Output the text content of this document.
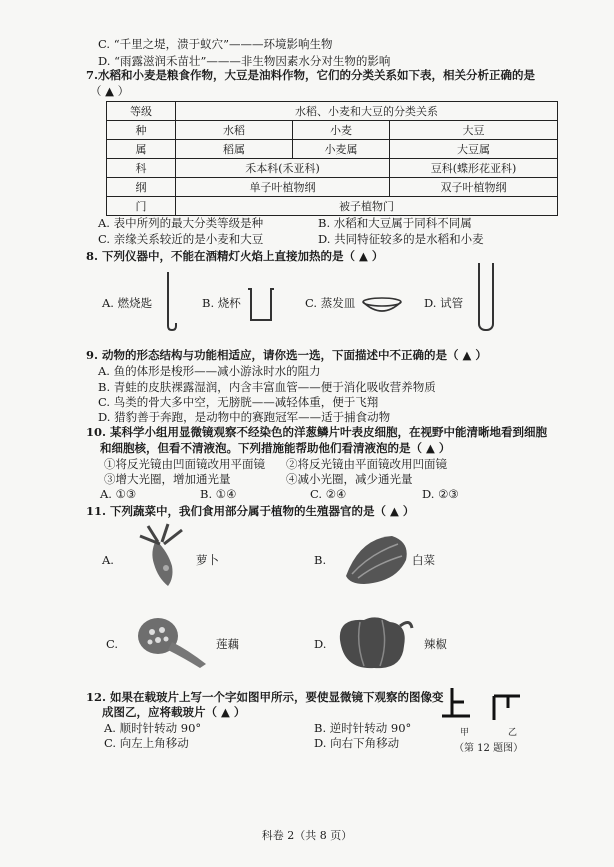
C. “千里之堤，溃于蚁穴”———环境影响生物
D. “雨露滋润禾苗壮”———非生物因素水分对生物的影响
7.水稻和小麦是粮食作物，大豆是油料作物，它们的分类关系如下表，相关分析正确的是
（ ▲ ）
等级	水稻、小麦和大豆的分类关系		
种	水稻	小麦	大豆
属	稻属	小麦属	大豆属
科	禾本科(禾亚科)		豆科(蝶形花亚科)
纲	单子叶植物纲		双子叶植物纲
门	被子植物门		
A. 表中所列的最大分类等级是种	B. 水稻和大豆属于同科不同属
C. 亲缘关系较近的是小麦和大豆	D. 共同特征较多的是水稻和小麦
8. 下列仪器中，不能在酒精灯火焰上直接加热的是（ ▲ ）
A. 燃烧匙	B. 烧杯	C. 蒸发皿	D. 试管
9. 动物的形态结构与功能相适应，请你选一选，下面描述中不正确的是（ ▲ ）
A. 鱼的体形是梭形——减小游泳时水的阻力
B. 青蛙的皮肤裸露湿润，内含丰富血管——便于消化吸收营养物质
C. 鸟类的骨大多中空，无膀胱——减轻体重，便于飞翔
D. 猎豹善于奔跑，是动物中的赛跑冠军——适于捕食动物
10. 某科学小组用显微镜观察不经染色的洋葱鳞片叶表皮细胞，在视野中能清晰地看到细胞
和细胞核，但看不清液泡。下列措施能帮助他们看清液泡的是（ ▲ ）
①将反光镜由凹面镜改用平面镜 ②将反光镜由平面镜改用凹面镜
③增大光圈，增加通光量	④减小光圈，减少通光量
A. ①③	B. ①④	C. ②④	D. ②③
11. 下列蔬菜中，我们食用部分属于植物的生殖器官的是（ ▲ ）
A.	萝卜	B.	白菜
C.	莲藕	D.	辣椒
12. 如果在载玻片上写一个字如图甲所示，要使显微镜下观察的图像变
成图乙，应将载玻片（ ▲ ）
A. 顺时针转动 90°	B. 逆时针转动 90°
C. 向左上角移动	D. 向右下角移动
甲	乙
（第 12 题图）
科卷 2（共 8 页）
